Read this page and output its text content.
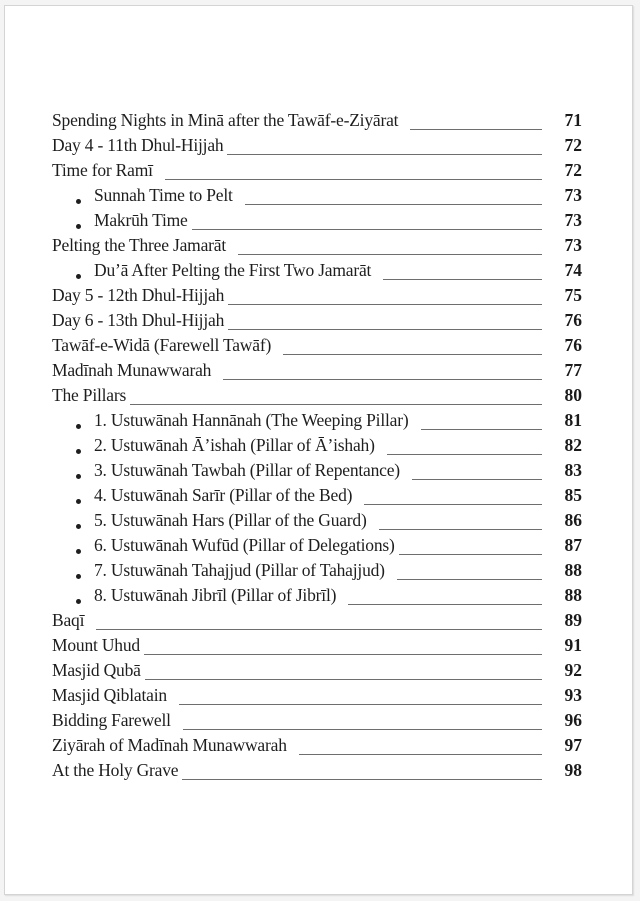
Spending Nights in Minā after the Tawāf-e-Ziyārat	71
Day 4 - 11th Dhul-Hijjah	72
Time for Ramī	72
Sunnah Time to Pelt	73
Makrūh Time	73
Pelting the Three Jamarāt	73
Du’ā After Pelting the First Two Jamarāt	74
Day 5 - 12th Dhul-Hijjah	75
Day 6 - 13th Dhul-Hijjah	76
Tawāf-e-Widā (Farewell Tawāf)	76
Madīnah Munawwarah	77
The Pillars	80
1. Ustuwānah Hannānah (The Weeping Pillar)	81
2. Ustuwānah Ā’ishah (Pillar of Ā’ishah)	82
3. Ustuwānah Tawbah (Pillar of Repentance)	83
4. Ustuwānah Sarīr (Pillar of the Bed)	85
5. Ustuwānah Hars (Pillar of the Guard)	86
6. Ustuwānah Wufūd (Pillar of Delegations)	87
7. Ustuwānah Tahajjud (Pillar of Tahajjud)	88
8. Ustuwānah Jibrīl (Pillar of Jibrīl)	88
Baqī	89
Mount Uhud	91
Masjid Qubā	92
Masjid Qiblatain	93
Bidding Farewell	96
Ziyārah of Madīnah Munawwarah	97
At the Holy Grave	98
